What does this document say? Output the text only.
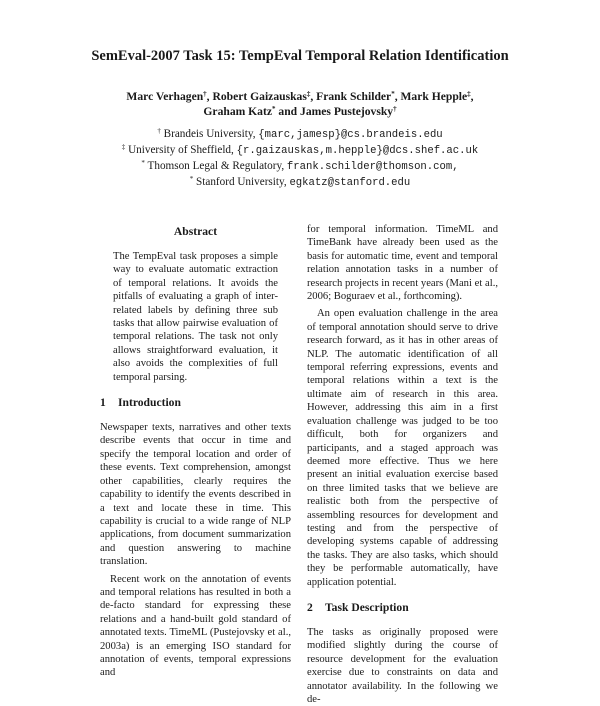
SemEval-2007 Task 15: TempEval Temporal Relation Identification
Marc Verhagen†, Robert Gaizauskas‡, Frank Schilder*, Mark Hepple‡,
Graham Katz* and James Pustejovsky†
† Brandeis University, {marc,jamesp}@cs.brandeis.edu
‡ University of Sheffield, {r.gaizauskas,m.hepple}@dcs.shef.ac.uk
* Thomson Legal & Regulatory, frank.schilder@thomson.com,
* Stanford University, egkatz@stanford.edu
Abstract
The TempEval task proposes a simple way to evaluate automatic extraction of temporal relations. It avoids the pitfalls of evaluating a graph of inter-related labels by defining three sub tasks that allow pairwise evaluation of temporal relations. The task not only allows straightforward evaluation, it also avoids the complexities of full temporal parsing.
1 Introduction
Newspaper texts, narratives and other texts describe events that occur in time and specify the temporal location and order of these events. Text comprehension, amongst other capabilities, clearly requires the capability to identify the events described in a text and locate these in time. This capability is crucial to a wide range of NLP applications, from document summarization and question answering to machine translation.
Recent work on the annotation of events and temporal relations has resulted in both a de-facto standard for expressing these relations and a hand-built gold standard of annotated texts. TimeML (Pustejovsky et al., 2003a) is an emerging ISO standard for annotation of events, temporal expressions and
for temporal information. TimeML and TimeBank have already been used as the basis for automatic time, event and temporal relation annotation tasks in a number of research projects in recent years (Mani et al., 2006; Boguraev et al., forthcoming).
An open evaluation challenge in the area of temporal annotation should serve to drive research forward, as it has in other areas of NLP. The automatic identification of all temporal referring expressions, events and temporal relations within a text is the ultimate aim of research in this area. However, addressing this aim in a first evaluation challenge was judged to be too difficult, both for organizers and participants, and a staged approach was deemed more effective. Thus we here present an initial evaluation exercise based on three limited tasks that we believe are realistic both from the perspective of assembling resources for development and testing and from the perspective of developing systems capable of addressing the tasks. They are also tasks, which should they be performable automatically, have application potential.
2 Task Description
The tasks as originally proposed were modified slightly during the course of resource development for the evaluation exercise due to constraints on data and annotator availability. In the following we de-
